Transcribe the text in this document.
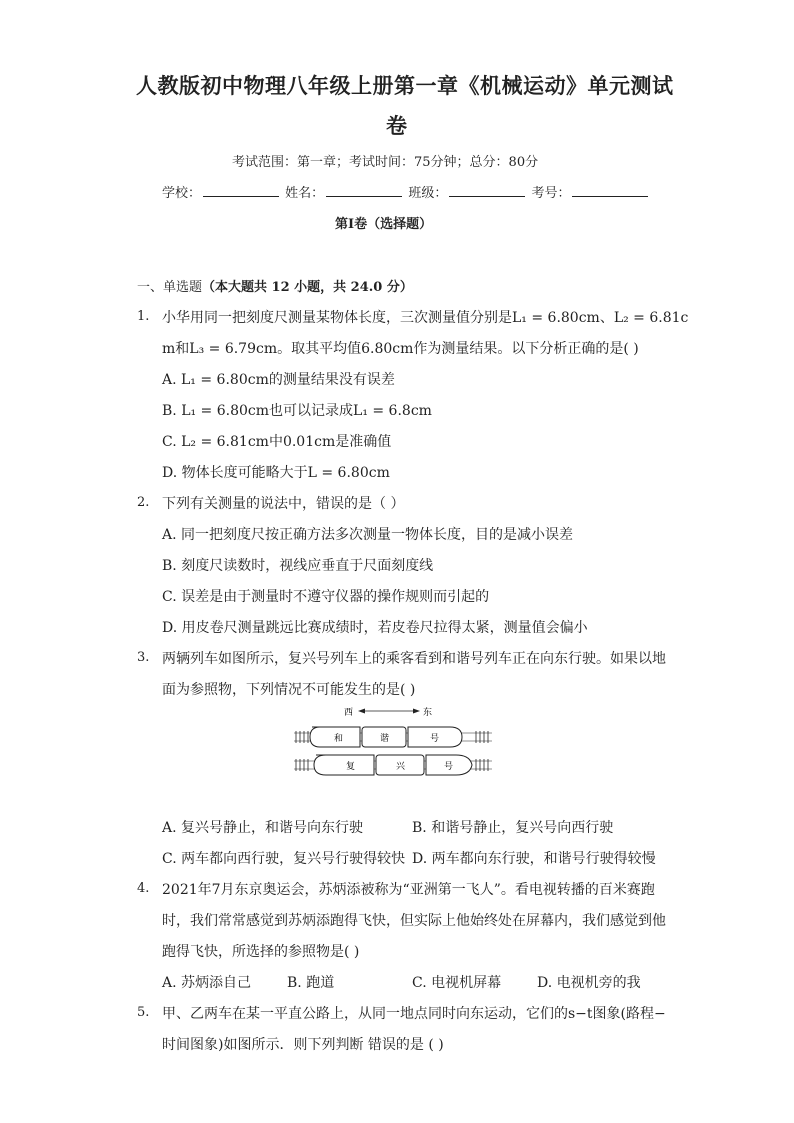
人教版初中物理八年级上册第一章《机械运动》单元测试
卷
考试范围：第一章；考试时间：75分钟；总分：80分
学校：	姓名：	班级：	考号：
第Ⅰ卷（选择题）
一、单选题（本大题共 12 小题，共 24.0 分）
1. 小华用同一把刻度尺测量某物体长度，三次测量值分别是L₁ = 6.80cm、L₂ = 6.81c
m和L₃ = 6.79cm。取其平均值6.80cm作为测量结果。以下分析正确的是( )
A. L₁ = 6.80cm的测量结果没有误差
B. L₁ = 6.80cm也可以记录成L₁ = 6.8cm
C. L₂ = 6.81cm中0.01cm是准确值
D. 物体长度可能略大于L = 6.80cm
2. 下列有关测量的说法中，错误的是（ ）
A. 同一把刻度尺按正确方法多次测量一物体长度，目的是减小误差
B. 刻度尺读数时，视线应垂直于尺面刻度线
C. 误差是由于测量时不遵守仪器的操作规则而引起的
D. 用皮卷尺测量跳远比赛成绩时，若皮卷尺拉得太紧，测量值会偏小
3. 两辆列车如图所示，复兴号列车上的乘客看到和谐号列车正在向东行驶。如果以地
面为参照物，下列情况不可能发生的是( )
西	东
和	谐	号
复	兴	号
A. 复兴号静止，和谐号向东行驶	B. 和谐号静止，复兴号向西行驶
C. 两车都向西行驶，复兴号行驶得较快 D. 两车都向东行驶，和谐号行驶得较慢
4. 2021年7月东京奥运会，苏炳添被称为“亚洲第一飞人”。看电视转播的百米赛跑
时，我们常常感觉到苏炳添跑得飞快，但实际上他始终处在屏幕内，我们感觉到他
跑得飞快，所选择的参照物是( )
A. 苏炳添自己	B. 跑道	C. 电视机屏幕	D. 电视机旁的我
5. 甲、乙两车在某一平直公路上，从同一地点同时向东运动，它们的s−t图象(路程−
时间图象)如图所示．则下列判断 错误的是 ( )
